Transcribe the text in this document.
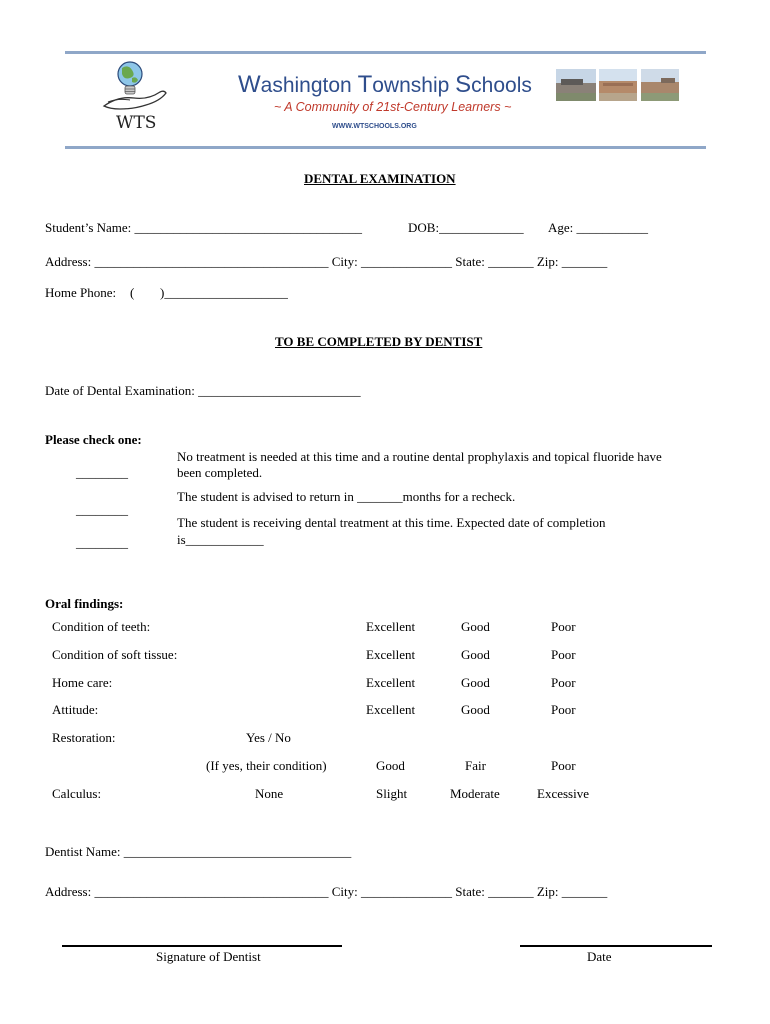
WTS
Washington Township Schools
~ A Community of 21st-Century Learners ~
WWW.WTSCHOOLS.ORG
DENTAL EXAMINATION
Student’s Name: ___________________________________	DOB:_____________ Age: ___________
Address: ____________________________________ City: ______________ State: _______ Zip: _______
Home Phone: ( )___________________
TO BE COMPLETED BY DENTIST
Date of Dental Examination: _________________________
Please check one:
________
No treatment is needed at this time and a routine dental prophylaxis and topical fluoride have
been completed.
________
The student is advised to return in _______months for a recheck.
________
The student is receiving dental treatment at this time. Expected date of completion
is____________
Oral findings:
Condition of teeth:	Excellent	Good	Poor
Condition of soft tissue:	Excellent	Good	Poor
Home care:	Excellent	Good	Poor
Attitude:	Excellent	Good	Poor
Restoration:	Yes / No
(If yes, their condition)	Good	Fair	Poor
Calculus:	None	Slight	Moderate	Excessive
Dentist Name: ___________________________________
Address: ____________________________________ City: ______________ State: _______ Zip: _______
Signature of Dentist	Date
